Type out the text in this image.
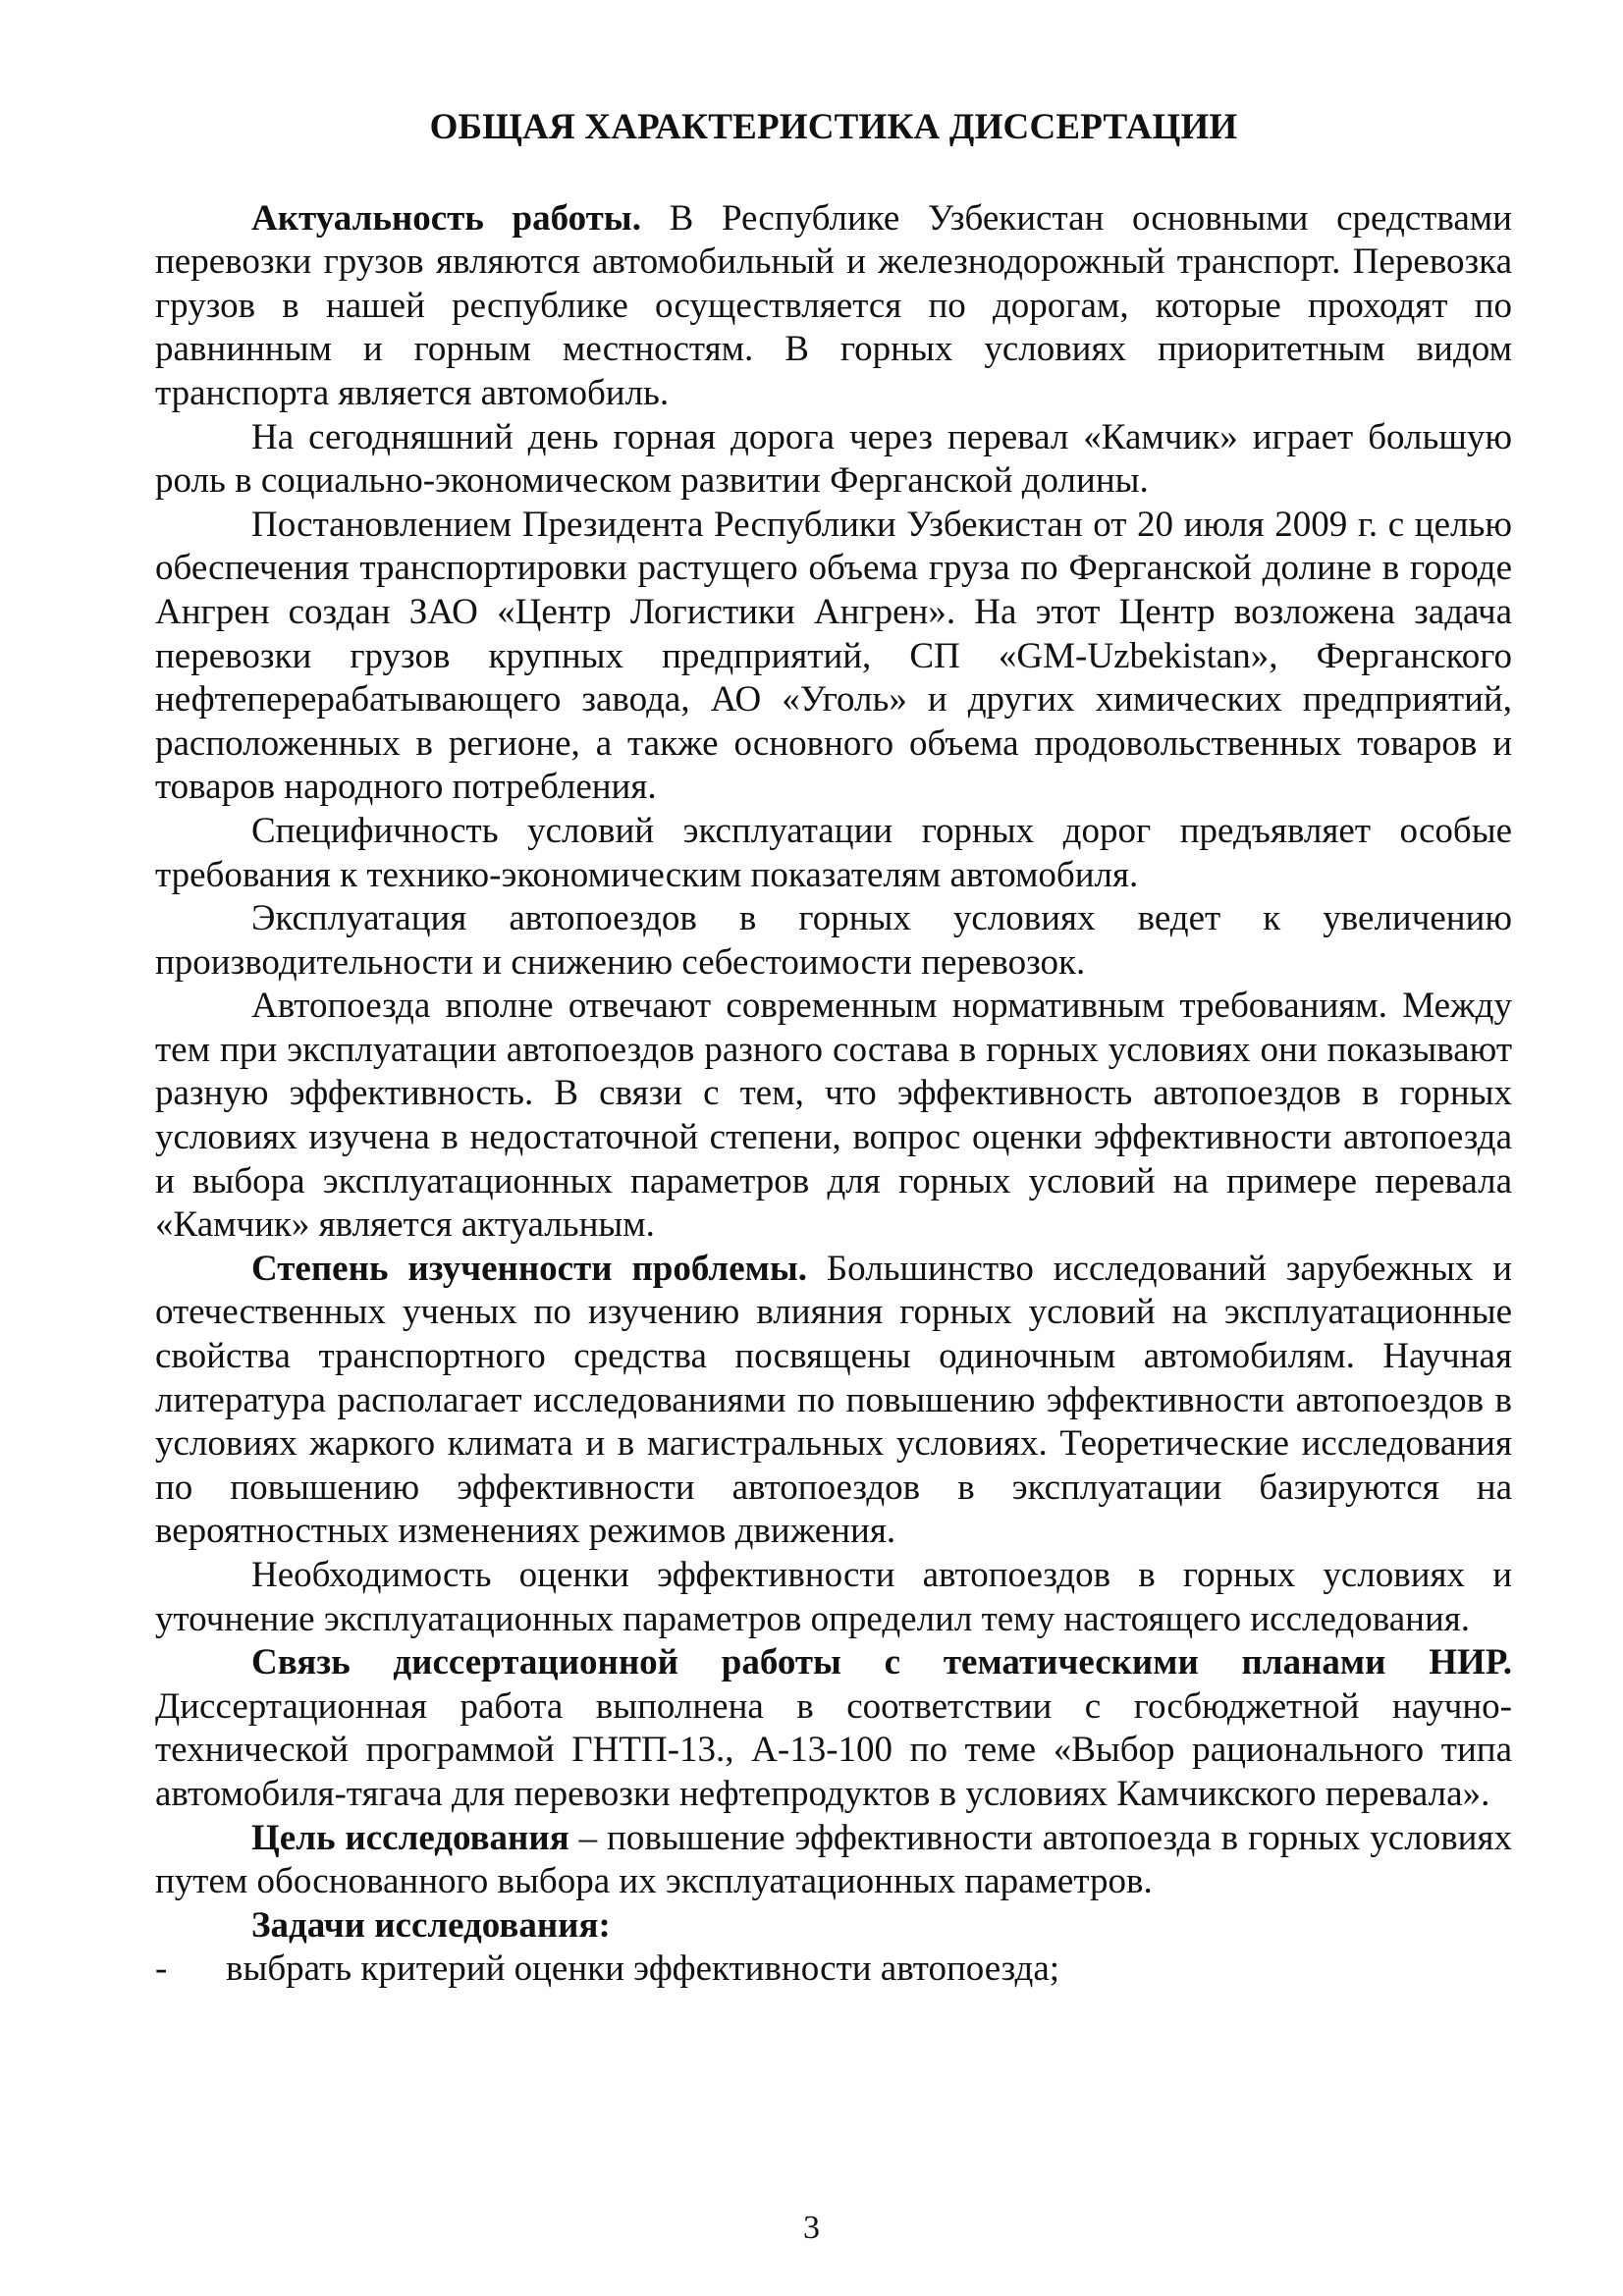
ОБЩАЯ ХАРАКТЕРИСТИКА ДИССЕРТАЦИИ

Актуальность работы. В Республике Узбекистан основными средствами перевозки грузов являются автомобильный и железнодорожный транспорт. Перевозка грузов в нашей республике осуществляется по дорогам, которые проходят по равнинным и горным местностям. В горных условиях приоритетным видом транспорта является автомобиль.

На сегодняшний день горная дорога через перевал «Камчик» играет большую роль в социально-экономическом развитии Ферганской долины.

Постановлением Президента Республики Узбекистан от 20 июля 2009 г. с целью обеспечения транспортировки растущего объема груза по Ферганской долине в городе Ангрен создан ЗАО «Центр Логистики Ангрен». На этот Центр возложена задача перевозки грузов крупных предприятий, СП «GM-Uzbekistan», Ферганского нефтеперерабатывающего завода, АО «Уголь» и других химических предприятий, расположенных в регионе, а также основного объема продовольственных товаров и товаров народного потребления.

Специфичность условий эксплуатации горных дорог предъявляет особые требования к технико-экономическим показателям автомобиля.

Эксплуатация автопоездов в горных условиях ведет к увеличению производительности и снижению себестоимости перевозок.

Автопоезда вполне отвечают современным нормативным требованиям. Между тем при эксплуатации автопоездов разного состава в горных условиях они показывают разную эффективность. В связи с тем, что эффективность автопоездов в горных условиях изучена в недостаточной степени, вопрос оценки эффективности автопоезда и выбора эксплуатационных параметров для горных условий на примере перевала «Камчик» является актуальным.

Степень изученности проблемы. Большинство исследований зарубежных и отечественных ученых по изучению влияния горных условий на эксплуатационные свойства транспортного средства посвящены одиночным автомобилям. Научная литература располагает исследованиями по повышению эффективности автопоездов в условиях жаркого климата и в магистральных условиях. Теоретические исследования по повышению эффективности автопоездов в эксплуатации базируются на вероятностных изменениях режимов движения.

Необходимость оценки эффективности автопоездов в горных условиях и уточнение эксплуатационных параметров определил тему настоящего исследования.

Связь диссертационной работы с тематическими планами НИР. Диссертационная работа выполнена в соответствии с госбюджетной научно-технической программой ГНТП-13., А-13-100 по теме «Выбор рационального типа автомобиля-тягача для перевозки нефтепродуктов в условиях Камчикского перевала».

Цель исследования – повышение эффективности автопоезда в горных условиях путем обоснованного выбора их эксплуатационных параметров.

Задачи исследования:

- выбрать критерий оценки эффективности автопоезда;
3
